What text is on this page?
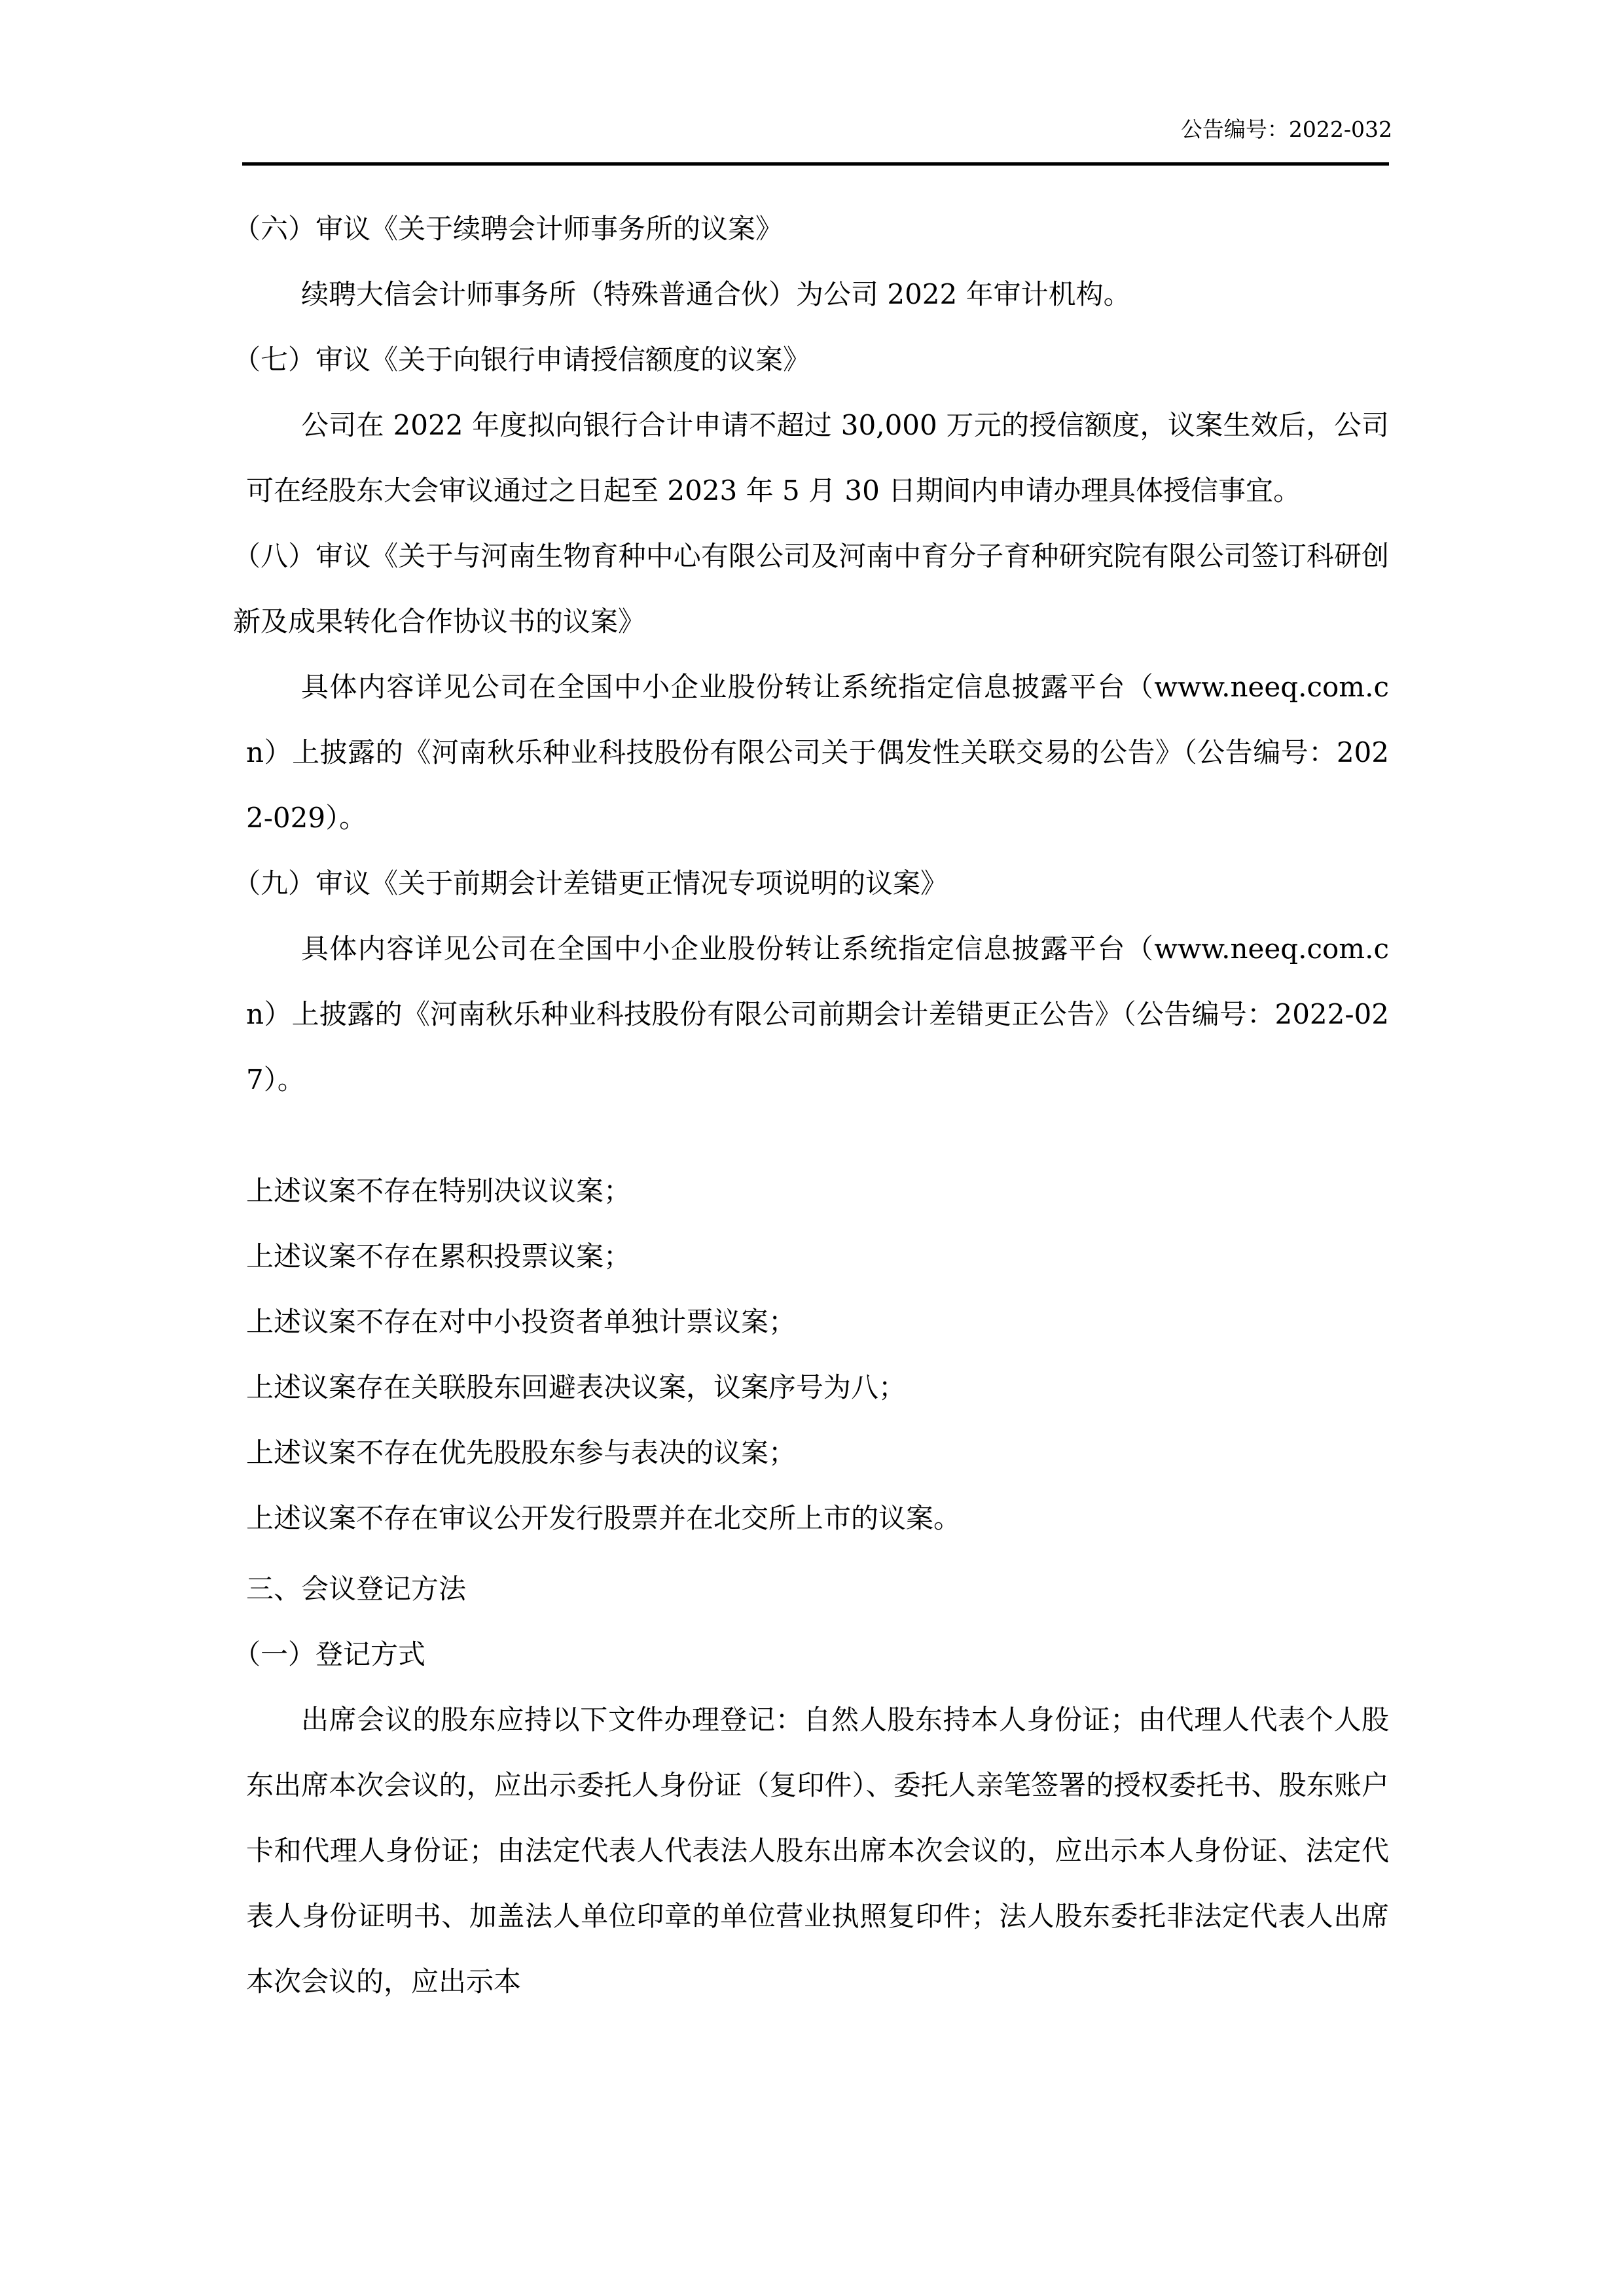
公告编号：2022-032

（六）审议《关于续聘会计师事务所的议案》

续聘大信会计师事务所（特殊普通合伙）为公司 2022 年审计机构。

（七）审议《关于向银行申请授信额度的议案》

公司在 2022 年度拟向银行合计申请不超过 30,000 万元的授信额度，议案生效后，公司可在经股东大会审议通过之日起至 2023 年 5 月 30 日期间内申请办理具体授信事宜。

（八）审议《关于与河南生物育种中心有限公司及河南中育分子育种研究院有限公司签订科研创新及成果转化合作协议书的议案》

具体内容详见公司在全国中小企业股份转让系统指定信息披露平台（www.neeq.com.cn）上披露的《河南秋乐种业科技股份有限公司关于偶发性关联交易的公告》（公告编号：2022-029）。

（九）审议《关于前期会计差错更正情况专项说明的议案》

具体内容详见公司在全国中小企业股份转让系统指定信息披露平台（www.neeq.com.cn）上披露的《河南秋乐种业科技股份有限公司前期会计差错更正公告》（公告编号：2022-027）。

上述议案不存在特别决议议案；

上述议案不存在累积投票议案；

上述议案不存在对中小投资者单独计票议案；

上述议案存在关联股东回避表决议案，议案序号为八；

上述议案不存在优先股股东参与表决的议案；

上述议案不存在审议公开发行股票并在北交所上市的议案。

三、会议登记方法

（一）登记方式

出席会议的股东应持以下文件办理登记：自然人股东持本人身份证；由代理人代表个人股东出席本次会议的，应出示委托人身份证（复印件）、委托人亲笔签署的授权委托书、股东账户卡和代理人身份证；由法定代表人代表法人股东出席本次会议的，应出示本人身份证、法定代表人身份证明书、加盖法人单位印章的单位营业执照复印件；法人股东委托非法定代表人出席本次会议的，应出示本
